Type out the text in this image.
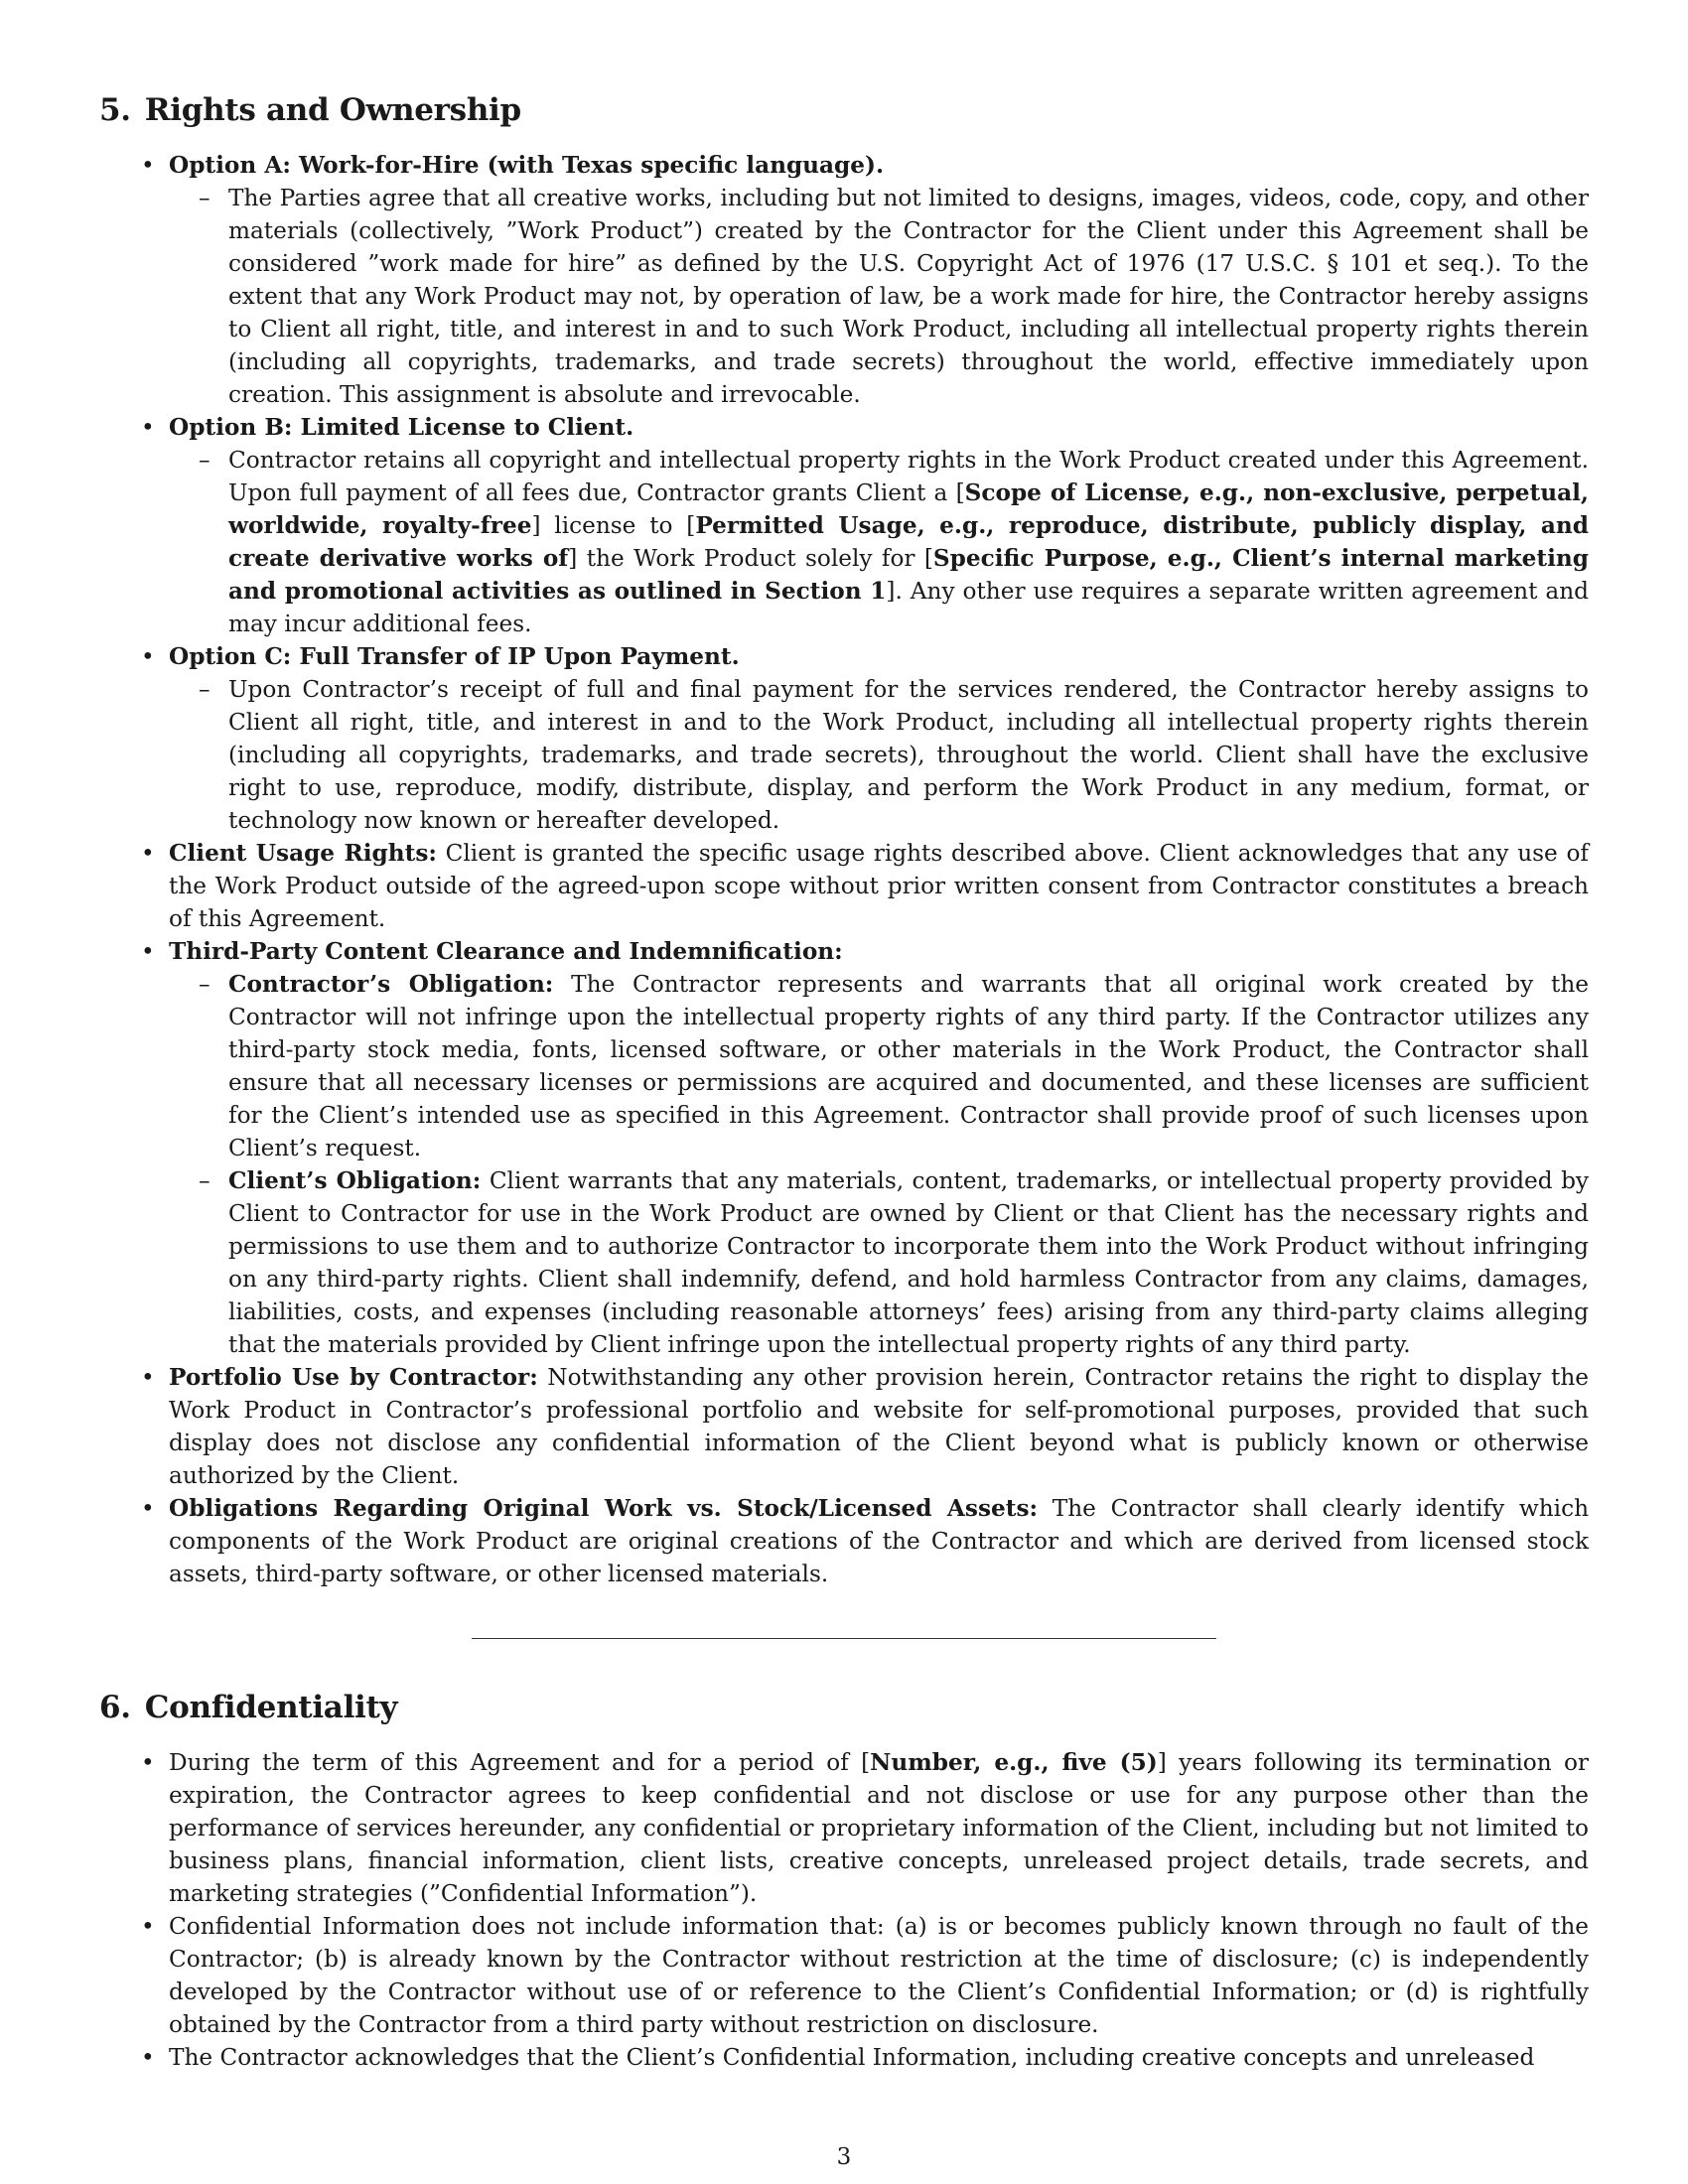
5. Rights and Ownership
• Option A: Work-for-Hire (with Texas specific language).
– The Parties agree that all creative works, including but not limited to designs, images, videos, code, copy, and other materials (collectively, ”Work Product”) created by the Contractor for the Client under this Agreement shall be considered ”work made for hire” as defined by the U.S. Copyright Act of 1976 (17 U.S.C. § 101 et seq.). To the extent that any Work Product may not, by operation of law, be a work made for hire, the Contractor hereby assigns to Client all right, title, and interest in and to such Work Product, including all intellectual property rights therein (including all copyrights, trademarks, and trade secrets) throughout the world, effective immediately upon creation. This assignment is absolute and irrevocable.
• Option B: Limited License to Client.
– Contractor retains all copyright and intellectual property rights in the Work Product created under this Agreement. Upon full payment of all fees due, Contractor grants Client a [Scope of License, e.g., non-exclusive, perpetual, worldwide, royalty-free] license to [Permitted Usage, e.g., reproduce, distribute, publicly display, and create derivative works of] the Work Product solely for [Specific Purpose, e.g., Client’s internal marketing and promotional activities as outlined in Section 1]. Any other use requires a separate written agreement and may incur additional fees.
• Option C: Full Transfer of IP Upon Payment.
– Upon Contractor’s receipt of full and final payment for the services rendered, the Contractor hereby assigns to Client all right, title, and interest in and to the Work Product, including all intellectual property rights therein (including all copyrights, trademarks, and trade secrets), throughout the world. Client shall have the exclusive right to use, reproduce, modify, distribute, display, and perform the Work Product in any medium, format, or technology now known or hereafter developed.
• Client Usage Rights: Client is granted the specific usage rights described above. Client acknowledges that any use of the Work Product outside of the agreed-upon scope without prior written consent from Contractor constitutes a breach of this Agreement.
• Third-Party Content Clearance and Indemnification:
– Contractor’s Obligation: The Contractor represents and warrants that all original work created by the Contractor will not infringe upon the intellectual property rights of any third party. If the Contractor utilizes any third-party stock media, fonts, licensed software, or other materials in the Work Product, the Contractor shall ensure that all necessary licenses or permissions are acquired and documented, and these licenses are sufficient for the Client’s intended use as specified in this Agreement. Contractor shall provide proof of such licenses upon Client’s request.
– Client’s Obligation: Client warrants that any materials, content, trademarks, or intellectual property provided by Client to Contractor for use in the Work Product are owned by Client or that Client has the necessary rights and permissions to use them and to authorize Contractor to incorporate them into the Work Product without infringing on any third-party rights. Client shall indemnify, defend, and hold harmless Contractor from any claims, damages, liabilities, costs, and expenses (including reasonable attorneys’ fees) arising from any third-party claims alleging that the materials provided by Client infringe upon the intellectual property rights of any third party.
• Portfolio Use by Contractor: Notwithstanding any other provision herein, Contractor retains the right to display the Work Product in Contractor’s professional portfolio and website for self-promotional purposes, provided that such display does not disclose any confidential information of the Client beyond what is publicly known or otherwise authorized by the Client.
• Obligations Regarding Original Work vs. Stock/Licensed Assets: The Contractor shall clearly identify which components of the Work Product are original creations of the Contractor and which are derived from licensed stock assets, third-party software, or other licensed materials.
6. Confidentiality
• During the term of this Agreement and for a period of [Number, e.g., five (5)] years following its termination or expiration, the Contractor agrees to keep confidential and not disclose or use for any purpose other than the performance of services hereunder, any confidential or proprietary information of the Client, including but not limited to business plans, financial information, client lists, creative concepts, unreleased project details, trade secrets, and marketing strategies (”Confidential Information”).
• Confidential Information does not include information that: (a) is or becomes publicly known through no fault of the Contractor; (b) is already known by the Contractor without restriction at the time of disclosure; (c) is independently developed by the Contractor without use of or reference to the Client’s Confidential Information; or (d) is rightfully obtained by the Contractor from a third party without restriction on disclosure.
• The Contractor acknowledges that the Client’s Confidential Information, including creative concepts and unreleased
3
